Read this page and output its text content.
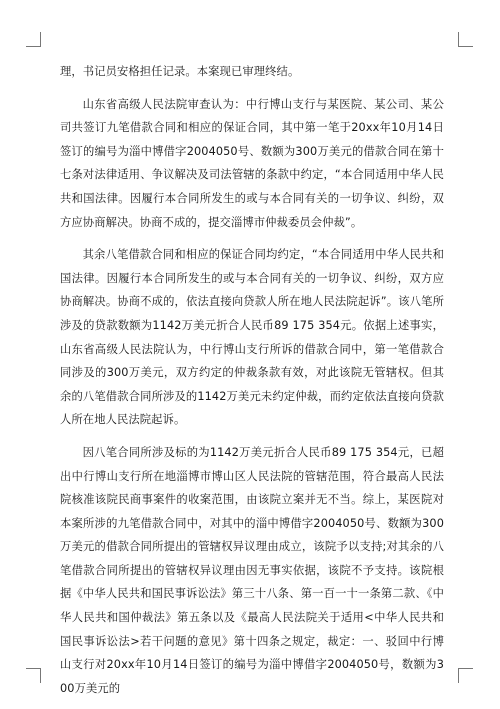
理，书记员安格担任记录。本案现已审理终结。

山东省高级人民法院审查认为：中行博山支行与某医院、某公司、某公司共签订九笔借款合同和相应的保证合同，其中第一笔于20xx年10月14日签订的编号为淄中博借字2004050号、数额为300万美元的借款合同在第十七条对法律适用、争议解决及司法管辖的条款中约定，“本合同适用中华人民共和国法律。因履行本合同所发生的或与本合同有关的一切争议、纠纷，双方应协商解决。协商不成的，提交淄博市仲裁委员会仲裁”。

其余八笔借款合同和相应的保证合同均约定，“本合同适用中华人民共和国法律。因履行本合同所发生的或与本合同有关的一切争议、纠纷，双方应协商解决。协商不成的，依法直接向贷款人所在地人民法院起诉”。该八笔所涉及的贷款数额为1142万美元折合人民币89 175 354元。依据上述事实，山东省高级人民法院认为，中行博山支行所诉的借款合同中，第一笔借款合同涉及的300万美元，双方约定的仲裁条款有效，对此该院无管辖权。但其余的八笔借款合同所涉及的1142万美元未约定仲裁，而约定依法直接向贷款人所在地人民法院起诉。

因八笔合同所涉及标的为1142万美元折合人民币89 175 354元，已超出中行博山支行所在地淄博市博山区人民法院的管辖范围，符合最高人民法院核准该院民商事案件的收案范围，由该院立案并无不当。综上，某医院对本案所涉的九笔借款合同中，对其中的淄中博借字2004050号、数额为300万美元的借款合同所提出的管辖权异议理由成立，该院予以支持;对其余的八笔借款合同所提出的管辖权异议理由因无事实依据，该院不予支持。该院根据《中华人民共和国民事诉讼法》第三十八条、第一百一十一条第二款、《中华人民共和国仲裁法》第五条以及《最高人民法院关于适用<中华人民共和国民事诉讼法>若干问题的意见》第十四条之规定，裁定：一、驳回中行博山支行对20xx年10月14日签订的编号为淄中博借字2004050号，数额为300万美元的
